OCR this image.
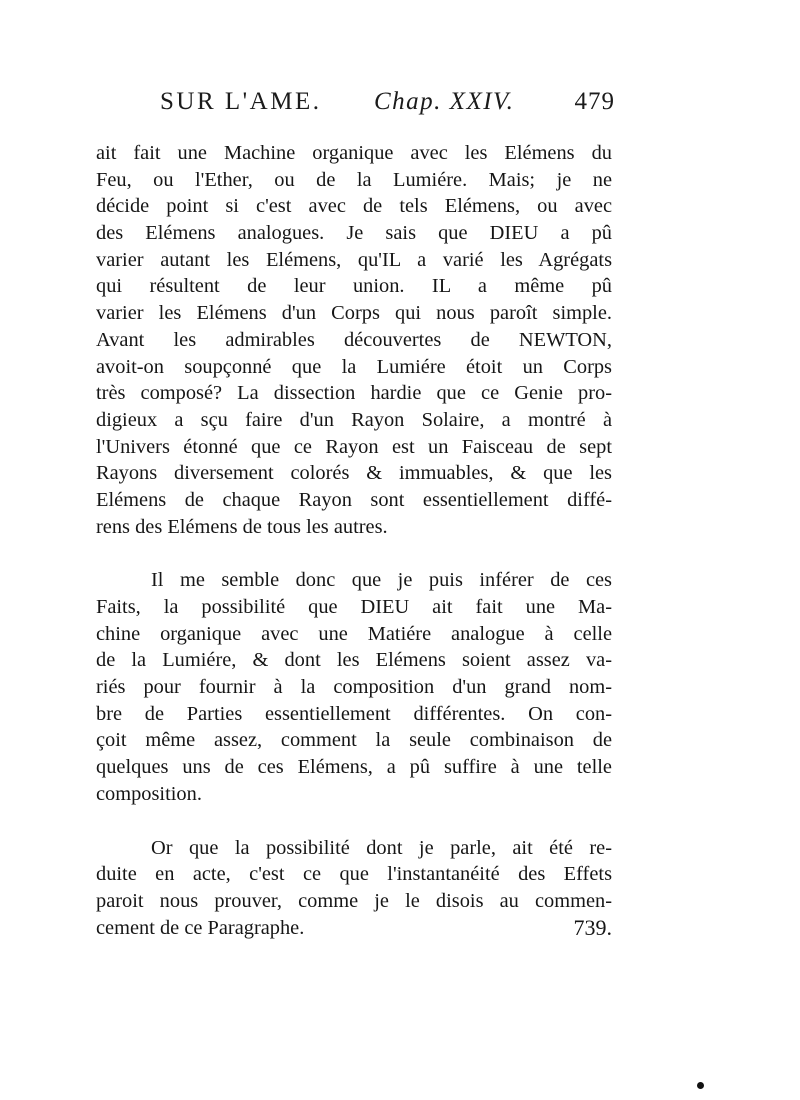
SUR L'AME. Chap. XXIV. 479
ait fait une Machine organique avec les Elémens du
Feu, ou l'Ether, ou de la Lumiére. Mais; je ne
décide point si c'est avec de tels Elémens, ou avec
des Elémens analogues. Je sais que DIEU a pû
varier autant les Elémens, qu'IL a varié les Agrégats
qui résultent de leur union. IL a même pû
varier les Elémens d'un Corps qui nous paroît simple.
Avant les admirables découvertes de NEWTON,
avoit-on soupçonné que la Lumiére étoit un Corps
très composé? La dissection hardie que ce Genie pro-
digieux a sçu faire d'un Rayon Solaire, a montré à
l'Univers étonné que ce Rayon est un Faisceau de sept
Rayons diversement colorés & immuables, & que les
Elémens de chaque Rayon sont essentiellement diffé-
rens des Elémens de tous les autres.
Il me semble donc que je puis inférer de ces
Faits, la possibilité que DIEU ait fait une Ma-
chine organique avec une Matiére analogue à celle
de la Lumiére, & dont les Elémens soient assez va-
riés pour fournir à la composition d'un grand nom-
bre de Parties essentiellement différentes. On con-
çoit même assez, comment la seule combinaison de
quelques uns de ces Elémens, a pû suffire à une telle
composition.
Or que la possibilité dont je parle, ait été re-
duite en acte, c'est ce que l'instantanéité des Effets
paroit nous prouver, comme je le disois au commen-
cement de ce Paragraphe.	739.
